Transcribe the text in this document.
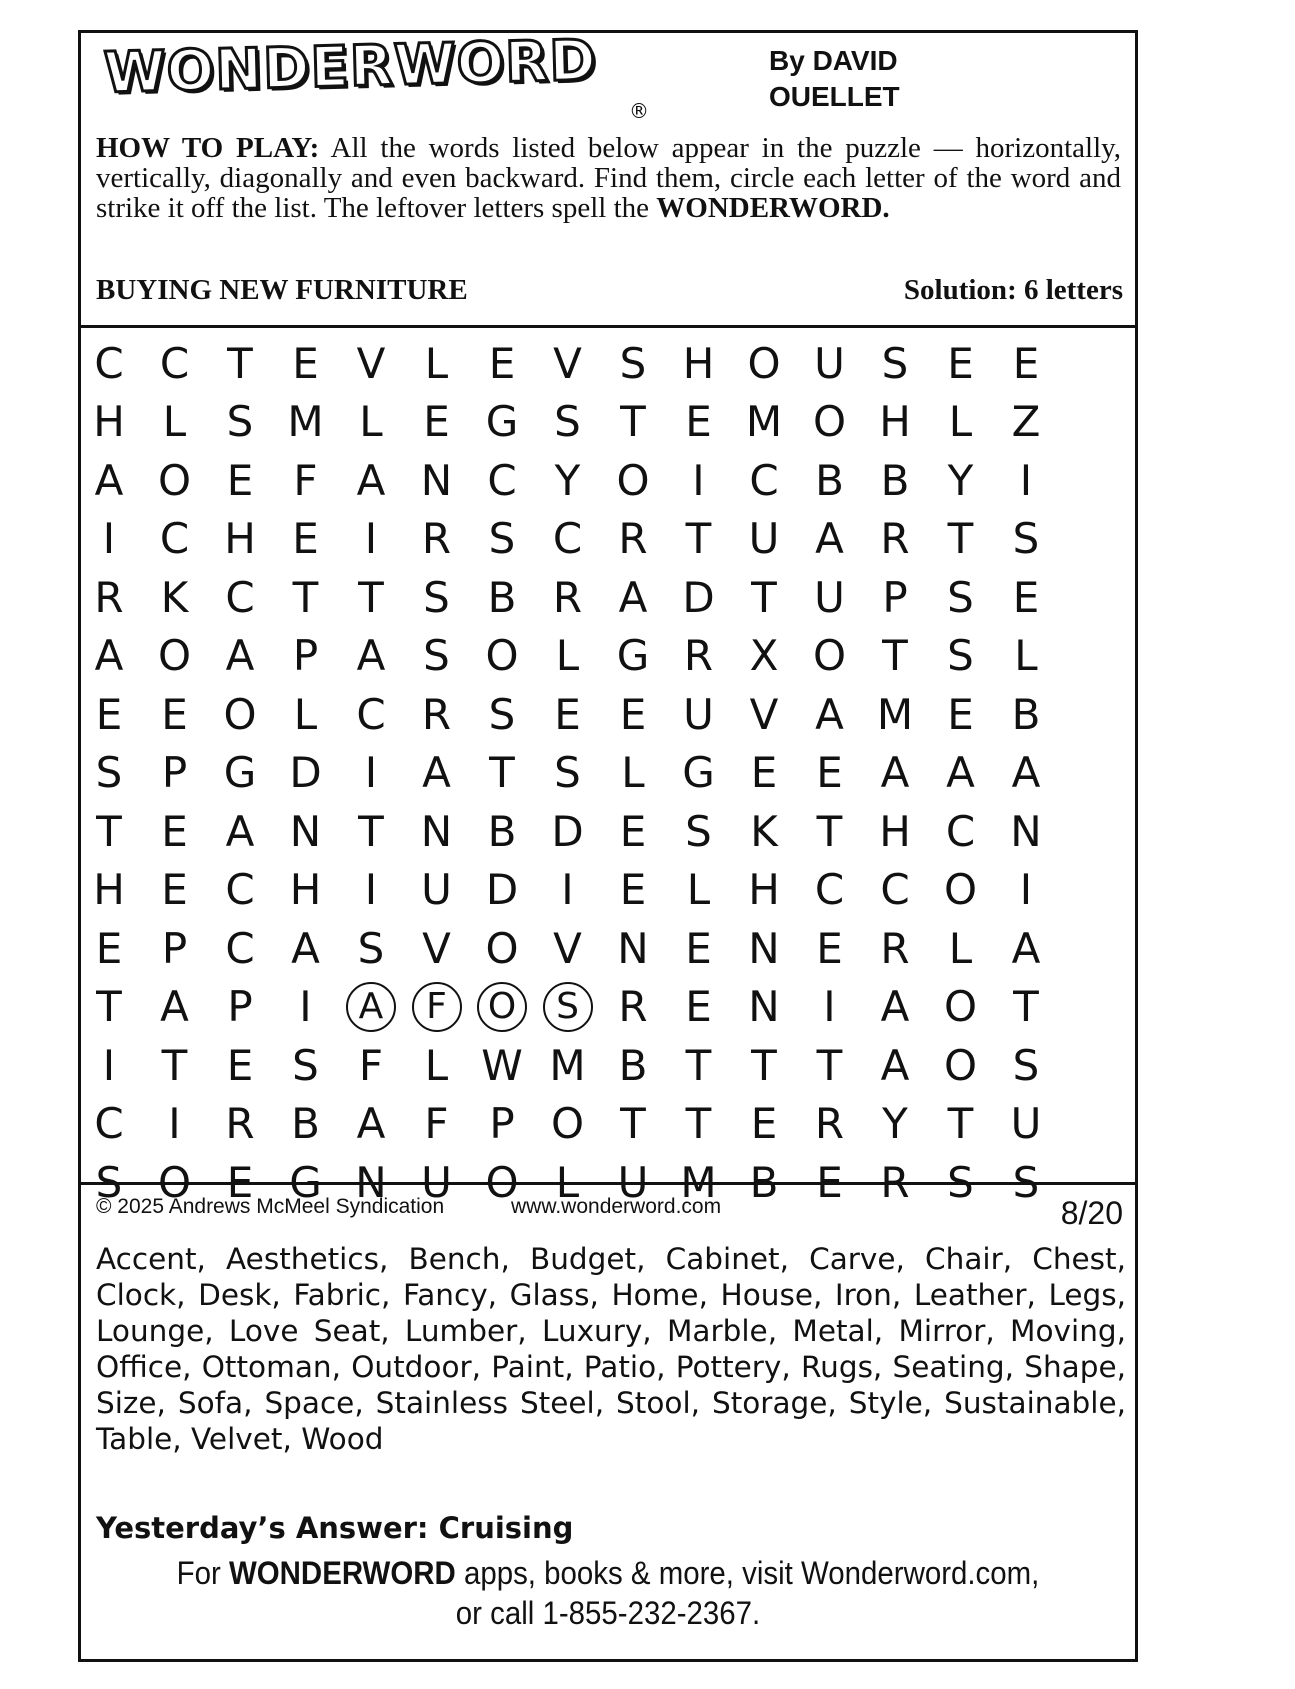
WONDERWORD
®
By DAVID OUELLET
HOW TO PLAY: All the words listed below appear in the puzzle — horizontally, vertically, diagonally and even backward. Find them, circle each letter of the word and strike it off the list. The leftover letters spell the WONDERWORD.
BUYING NEW FURNITURE	Solution: 6 letters
C C T E V L E V S H O U S E E
H L S M L E G S T E M O H L Z
A O E F A N C Y O	I	C B B Y	I
I	C H E	I	R S C R T U A R T S
R K C T T S B R A D T U P S E
A O A P A S O L G R X O T S L
E E O L C R S E E U V A M E B
S P G D	I	A T S L G E E A A A
T E A N T N B D E S K T H C N
H E C H	I	U D	I	E L H C C O	I
E P C A S V O V N E N E R L A
T A P	I	A	F	O	S R E N	I	A O T
I	T E S F L W M B T T T A O S
C	I	R B A F P O T T E R Y T U
S O E G N U O L U M B E R S S
© 2025 Andrews McMeel Syndication	www.wonderword.com	8/20
Accent, Aesthetics, Bench, Budget, Cabinet, Carve, Chair, Chest, Clock, Desk, Fabric, Fancy, Glass, Home, House, Iron, Leather, Legs, Lounge, Love Seat, Lumber, Luxury, Marble, Metal, Mirror, Moving, Office, Ottoman, Outdoor, Paint, Patio, Pottery, Rugs, Seating, Shape, Size, Sofa, Space, Stainless Steel, Stool, Storage, Style, Sustainable, Table, Velvet, Wood
Yesterday’s Answer: Cruising
For WONDERWORD apps, books & more, visit Wonderword.com,
or call 1-855-232-2367.
